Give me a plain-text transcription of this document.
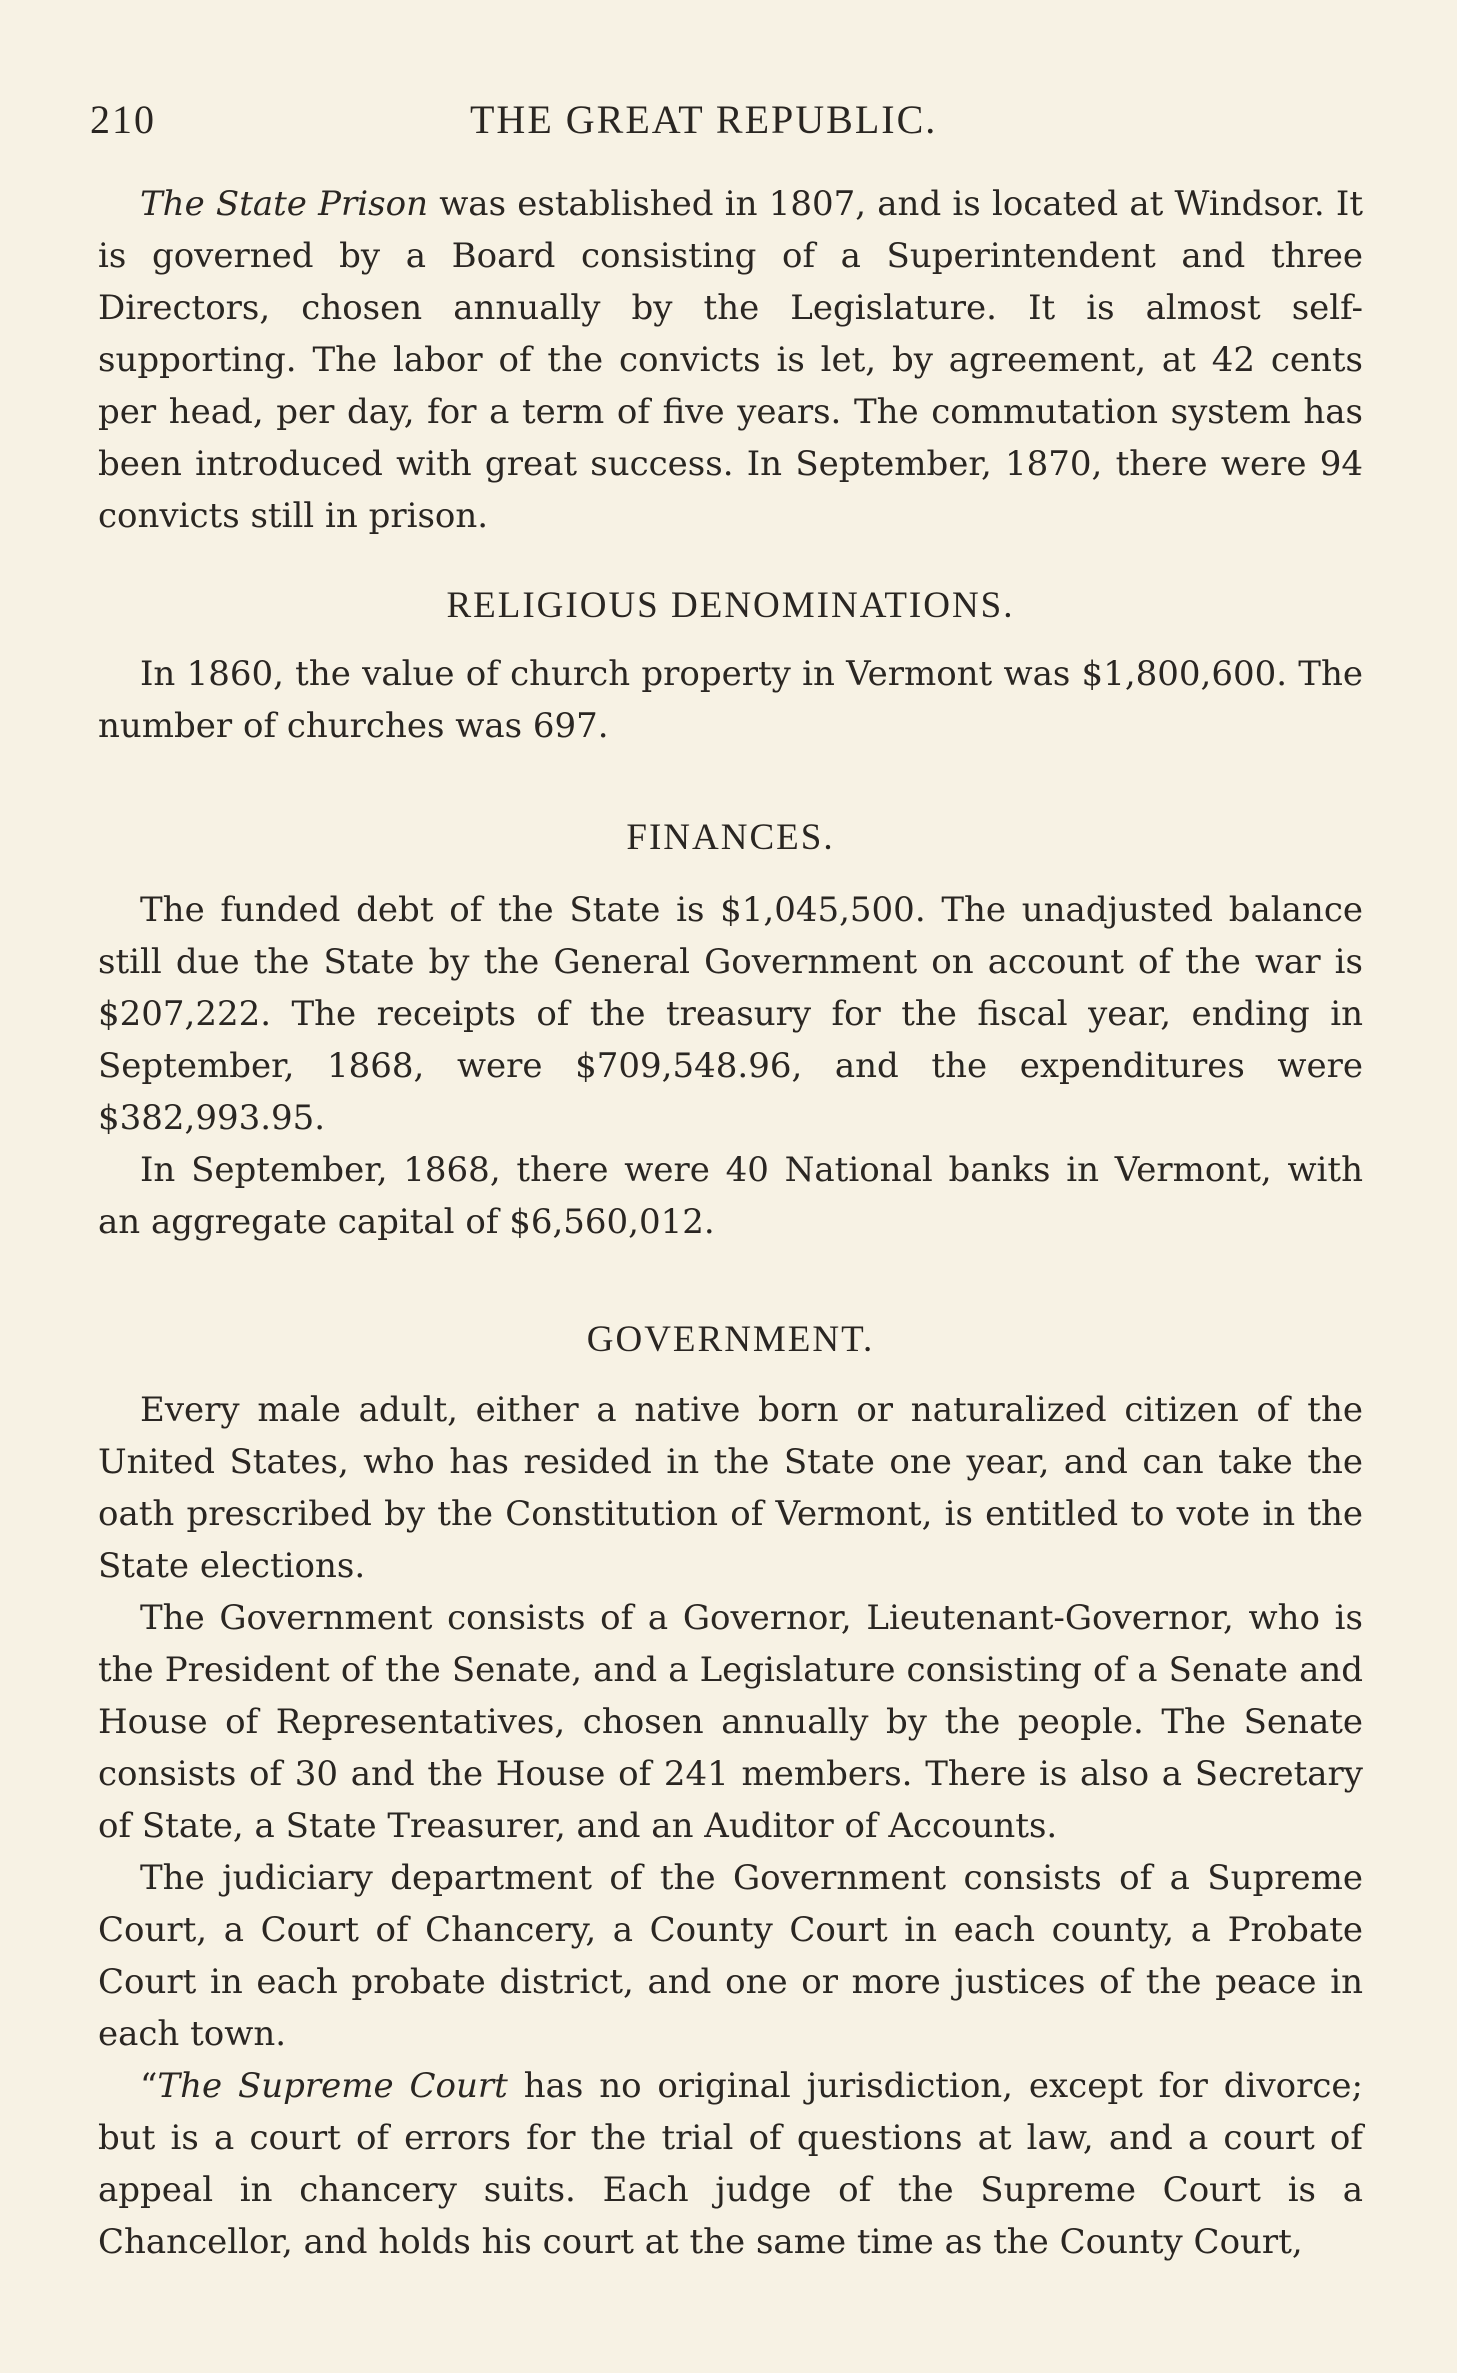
210	THE GREAT REPUBLIC.

The State Prison was established in 1807, and is located at Windsor. It is governed by a Board consisting of a Superintendent and three Directors, chosen annually by the Legislature. It is almost self-supporting. The labor of the convicts is let, by agreement, at 42 cents per head, per day, for a term of five years. The commutation system has been introduced with great success. In September, 1870, there were 94 convicts still in prison.

RELIGIOUS DENOMINATIONS.

In 1860, the value of church property in Vermont was $1,800,600. The number of churches was 697.

FINANCES.

The funded debt of the State is $1,045,500. The unadjusted balance still due the State by the General Government on account of the war is $207,222. The receipts of the treasury for the fiscal year, ending in September, 1868, were $709,548.96, and the expenditures were $382,993.95.

In September, 1868, there were 40 National banks in Vermont, with an aggregate capital of $6,560,012.

GOVERNMENT.

Every male adult, either a native born or naturalized citizen of the United States, who has resided in the State one year, and can take the oath prescribed by the Constitution of Vermont, is entitled to vote in the State elections.

The Government consists of a Governor, Lieutenant-Governor, who is the President of the Senate, and a Legislature consisting of a Senate and House of Representatives, chosen annually by the people. The Senate consists of 30 and the House of 241 members. There is also a Secretary of State, a State Treasurer, and an Auditor of Accounts.

The judiciary department of the Government consists of a Supreme Court, a Court of Chancery, a County Court in each county, a Probate Court in each probate district, and one or more justices of the peace in each town.

“The Supreme Court has no original jurisdiction, except for divorce; but is a court of errors for the trial of questions at law, and a court of appeal in chancery suits. Each judge of the Supreme Court is a Chancellor, and holds his court at the same time as the County Court,
